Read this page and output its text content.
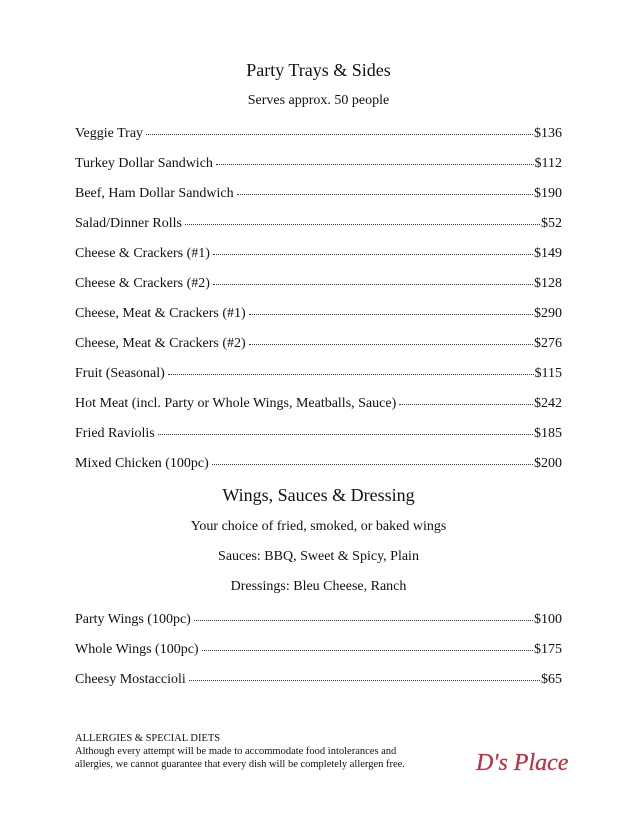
Party Trays & Sides
Serves approx. 50 people
Veggie Tray	$136
Turkey Dollar Sandwich	$112
Beef, Ham Dollar Sandwich	$190
Salad/Dinner Rolls	$52
Cheese & Crackers (#1)	$149
Cheese & Crackers (#2)	$128
Cheese, Meat & Crackers (#1)	$290
Cheese, Meat & Crackers (#2)	$276
Fruit (Seasonal)	$115
Hot Meat (incl. Party or Whole Wings, Meatballs, Sauce)	$242
Fried Raviolis	$185
Mixed Chicken (100pc)	$200
Wings, Sauces & Dressing
Your choice of fried, smoked, or baked wings
Sauces: BBQ, Sweet & Spicy, Plain
Dressings: Bleu Cheese, Ranch
Party Wings (100pc)	$100
Whole Wings (100pc)	$175
Cheesy Mostaccioli	$65
ALLERGIES & SPECIAL DIETS
Although every attempt will be made to accommodate food intolerances and
allergies, we cannot guarantee that every dish will be completely allergen free.	D's Place
